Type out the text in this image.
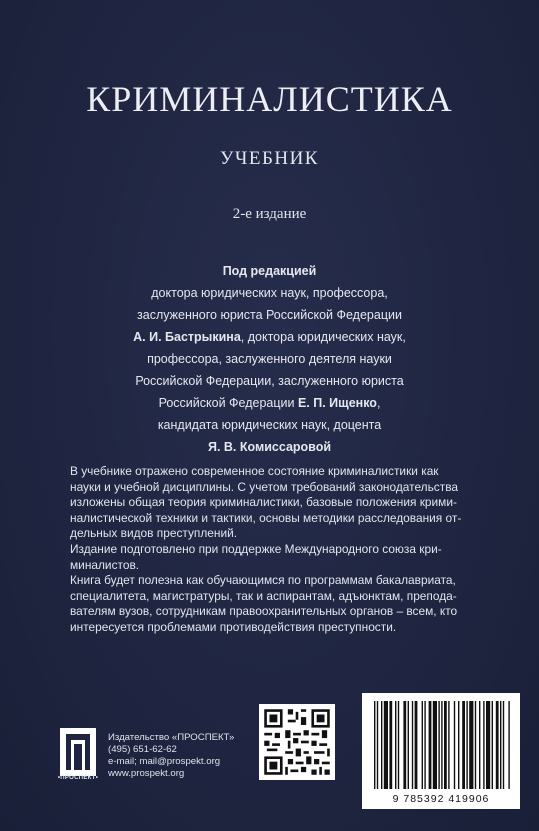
КРИМИНАЛИСТИКА
УЧЕБНИК
2-е издание
Под редакцией
доктора юридических наук, профессора,
заслуженного юриста Российской Федерации
А. И. Бастрыкина, доктора юридических наук,
профессора, заслуженного деятеля науки
Российской Федерации, заслуженного юриста
Российской Федерации Е. П. Ищенко,
кандидата юридических наук, доцента
Я. В. Комиссаровой

В учебнике отражено современное состояние криминалистики как
науки и учебной дисциплины. С учетом требований законодательства
изложены общая теория криминалистики, базовые положения крими-
налистической техники и тактики, основы методики расследования от-
дельных видов преступлений.

Издание подготовлено при поддержке Международного союза кри-
миналистов.

Книга будет полезна как обучающимся по программам бакалавриата,
специалитета, магистратуры, так и аспирантам, адъюнктам, препода-
вателям вузов, сотрудникам правоохранительных органов – всем, кто
интересуется проблемами противодействия преступности.

•ПРОСПЕКТ•
Издательство «ПРОСПЕКТ»
(495) 651-62-62
e-mail; mail@prospekt.org
www.prospekt.org
9 785392 419906
